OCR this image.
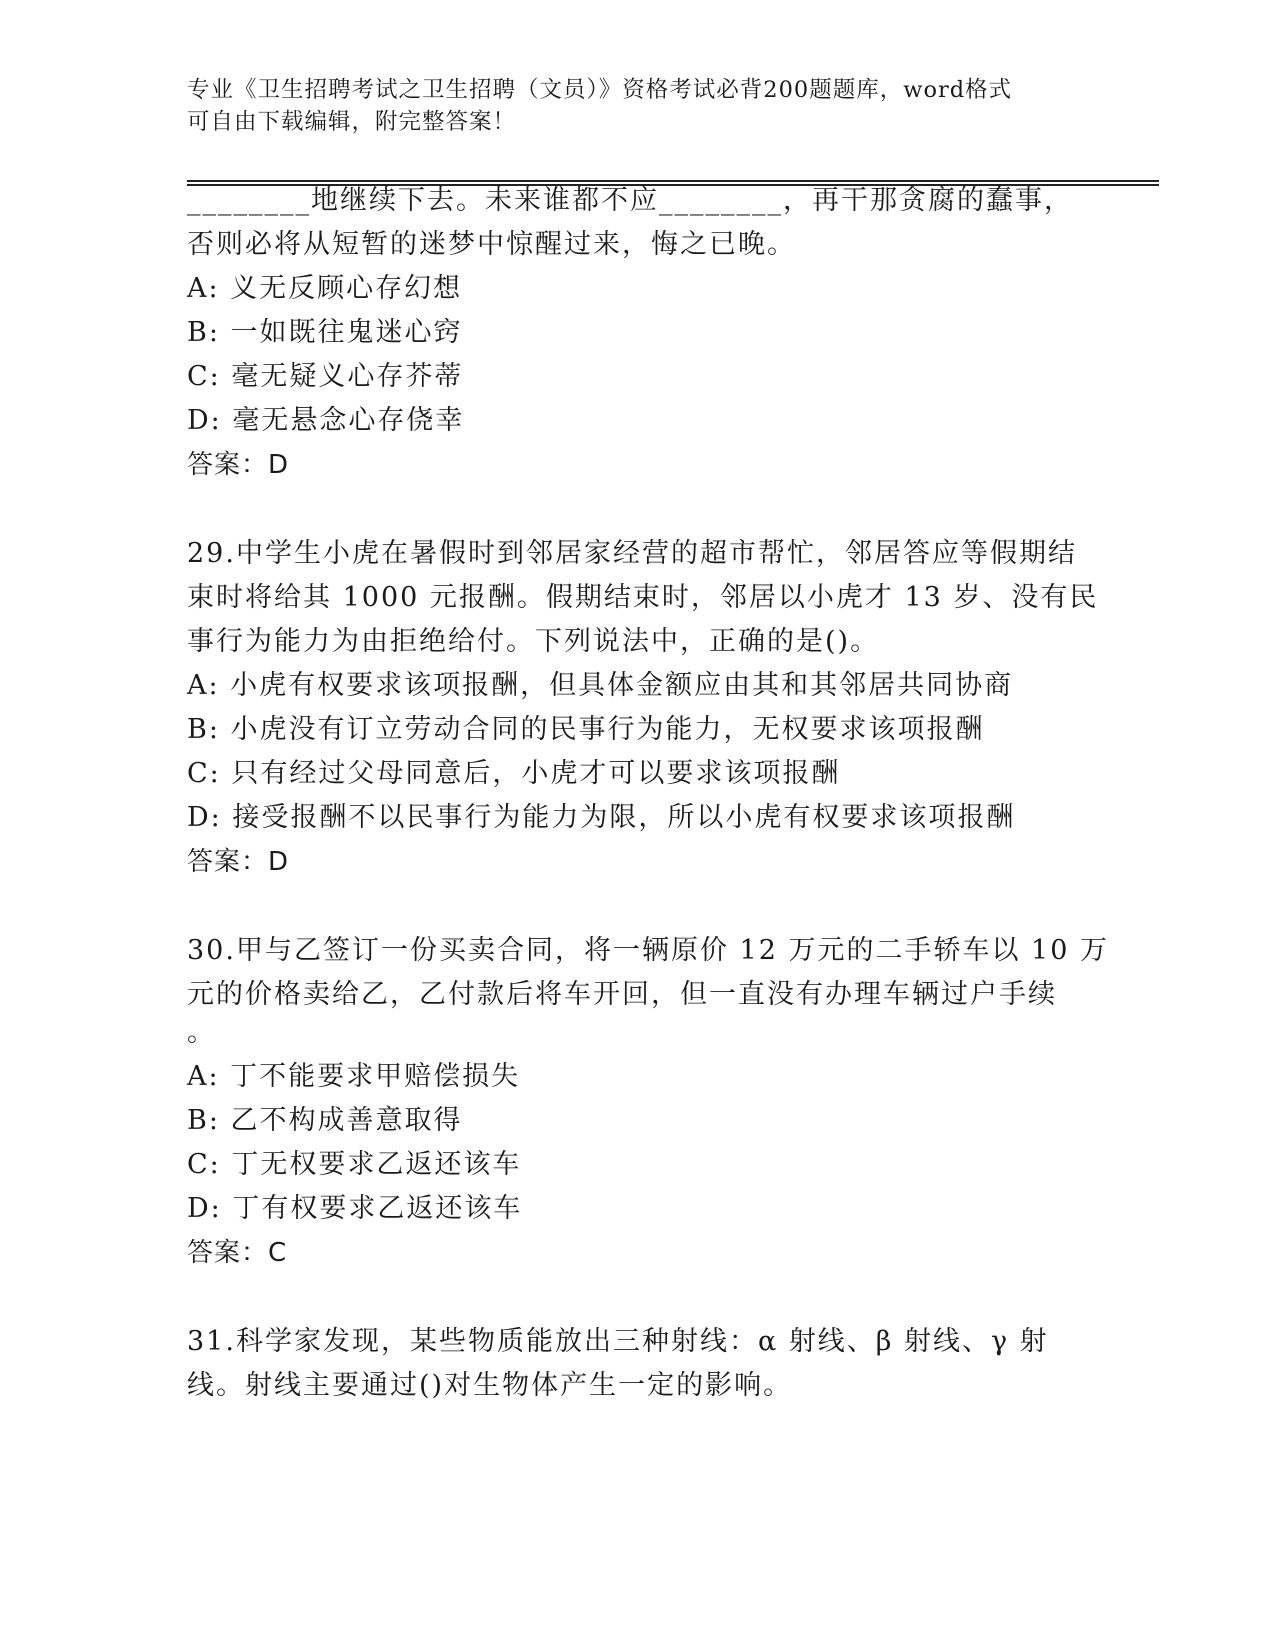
专业《卫生招聘考试之卫生招聘（文员）》资格考试必背200题题库，word格式
可自由下载编辑，附完整答案！
________地继续下去。未来谁都不应________，再干那贪腐的蠢事，
否则必将从短暂的迷梦中惊醒过来，悔之已晚。
A: 义无反顾心存幻想
B: 一如既往鬼迷心窍
C: 毫无疑义心存芥蒂
D: 毫无悬念心存侥幸
答案：D
29.中学生小虎在暑假时到邻居家经营的超市帮忙，邻居答应等假期结
束时将给其 1000 元报酬。假期结束时，邻居以小虎才 13 岁、没有民
事行为能力为由拒绝给付。下列说法中，正确的是()。
A: 小虎有权要求该项报酬，但具体金额应由其和其邻居共同协商
B: 小虎没有订立劳动合同的民事行为能力，无权要求该项报酬
C: 只有经过父母同意后，小虎才可以要求该项报酬
D: 接受报酬不以民事行为能力为限，所以小虎有权要求该项报酬
答案：D
30.甲与乙签订一份买卖合同，将一辆原价 12 万元的二手轿车以 10 万
元的价格卖给乙，乙付款后将车开回，但一直没有办理车辆过户手续
。
A: 丁不能要求甲赔偿损失
B: 乙不构成善意取得
C: 丁无权要求乙返还该车
D: 丁有权要求乙返还该车
答案：C
31.科学家发现，某些物质能放出三种射线：α 射线、β 射线、γ 射
线。射线主要通过()对生物体产生一定的影响。
